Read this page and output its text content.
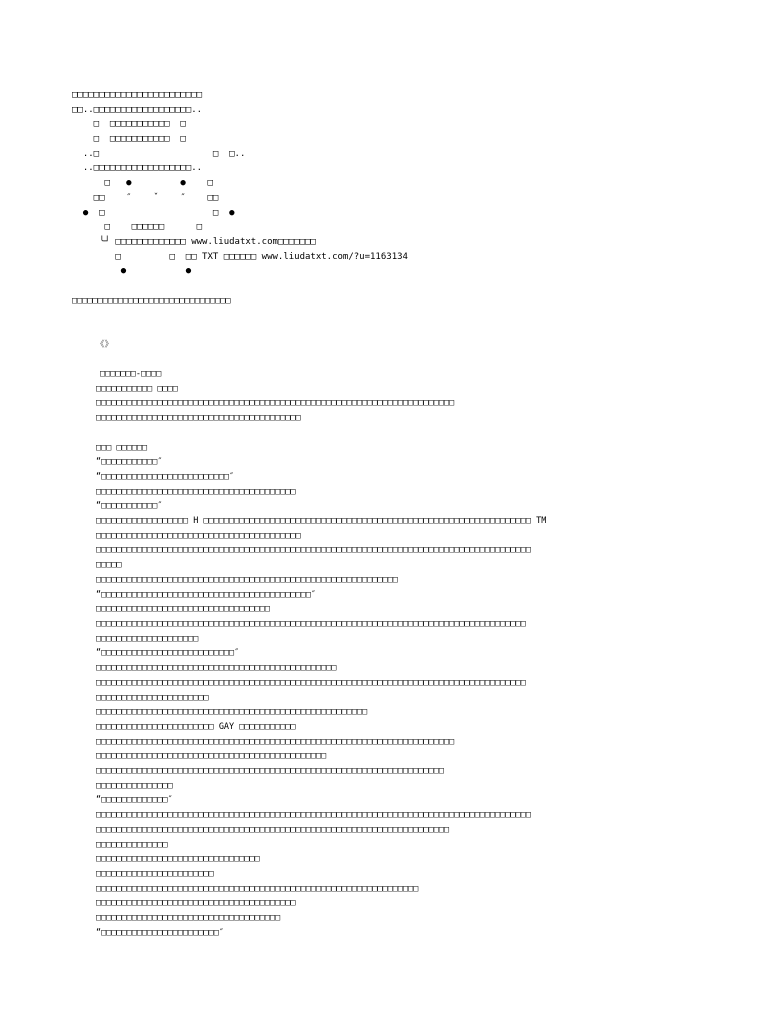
□□□□□□□□□□□□□□□□□□□□□□□□
□□..□□□□□□□□□□□□□□□□□□..
□  □□□□□□□□□□□  □
□  □□□□□□□□□□□  □
..□                     □  □..
..□□□□□□□□□□□□□□□□□□..
□   ●         ●    □
□□    ″    ˇ    ″    □□
●  □                    □  ●
□    □□□□□□      □
╰┘ □□□□□□□□□□□□□ www.liudatxt.com□□□□□□□
□         □  □□ TXT □□□□□□ www.liudatxt.com/?u=1163134
●           ●
□□□□□□□□□□□□□□□□□□□□□□□□□□□□□□□
《》
□□□□□□□-□□□□
□□□□□□□□□□□ □□□□
□□□□□□□□□□□□□□□□□□□□□□□□□□□□□□□□□□□□□□□□□□□□□□□□□□□□□□□□□□□□□□□□□□□□□□
□□□□□□□□□□□□□□□□□□□□□□□□□□□□□□□□□□□□□□□□
□□□ □□□□□□
“□□□□□□□□□□□″
“□□□□□□□□□□□□□□□□□□□□□□□□□″
□□□□□□□□□□□□□□□□□□□□□□□□□□□□□□□□□□□□□□□
“□□□□□□□□□□□″
□□□□□□□□□□□□□□□□□□ H □□□□□□□□□□□□□□□□□□□□□□□□□□□□□□□□□□□□□□□□□□□□□□□□□□□□□□□□□□□□□□□□ TM
□□□□□□□□□□□□□□□□□□□□□□□□□□□□□□□□□□□□□□□□
□□□□□□□□□□□□□□□□□□□□□□□□□□□□□□□□□□□□□□□□□□□□□□□□□□□□□□□□□□□□□□□□□□□□□□□□□□□□□□□□□□□□□
□□□□□
□□□□□□□□□□□□□□□□□□□□□□□□□□□□□□□□□□□□□□□□□□□□□□□□□□□□□□□□□□□
“□□□□□□□□□□□□□□□□□□□□□□□□□□□□□□□□□□□□□□□□□″
□□□□□□□□□□□□□□□□□□□□□□□□□□□□□□□□□□
□□□□□□□□□□□□□□□□□□□□□□□□□□□□□□□□□□□□□□□□□□□□□□□□□□□□□□□□□□□□□□□□□□□□□□□□□□□□□□□□□□□□
□□□□□□□□□□□□□□□□□□□□
“□□□□□□□□□□□□□□□□□□□□□□□□□□″
□□□□□□□□□□□□□□□□□□□□□□□□□□□□□□□□□□□□□□□□□□□□□□□
□□□□□□□□□□□□□□□□□□□□□□□□□□□□□□□□□□□□□□□□□□□□□□□□□□□□□□□□□□□□□□□□□□□□□□□□□□□□□□□□□□□□
□□□□□□□□□□□□□□□□□□□□□□
□□□□□□□□□□□□□□□□□□□□□□□□□□□□□□□□□□□□□□□□□□□□□□□□□□□□□
□□□□□□□□□□□□□□□□□□□□□□□ GAY □□□□□□□□□□□
□□□□□□□□□□□□□□□□□□□□□□□□□□□□□□□□□□□□□□□□□□□□□□□□□□□□□□□□□□□□□□□□□□□□□□
□□□□□□□□□□□□□□□□□□□□□□□□□□□□□□□□□□□□□□□□□□□□□
□□□□□□□□□□□□□□□□□□□□□□□□□□□□□□□□□□□□□□□□□□□□□□□□□□□□□□□□□□□□□□□□□□□□
□□□□□□□□□□□□□□□
“□□□□□□□□□□□□□″
□□□□□□□□□□□□□□□□□□□□□□□□□□□□□□□□□□□□□□□□□□□□□□□□□□□□□□□□□□□□□□□□□□□□□□□□□□□□□□□□□□□□□
□□□□□□□□□□□□□□□□□□□□□□□□□□□□□□□□□□□□□□□□□□□□□□□□□□□□□□□□□□□□□□□□□□□□□
□□□□□□□□□□□□□□
□□□□□□□□□□□□□□□□□□□□□□□□□□□□□□□□
□□□□□□□□□□□□□□□□□□□□□□□
□□□□□□□□□□□□□□□□□□□□□□□□□□□□□□□□□□□□□□□□□□□□□□□□□□□□□□□□□□□□□□□
□□□□□□□□□□□□□□□□□□□□□□□□□□□□□□□□□□□□□□□
□□□□□□□□□□□□□□□□□□□□□□□□□□□□□□□□□□□□
“□□□□□□□□□□□□□□□□□□□□□□□″
